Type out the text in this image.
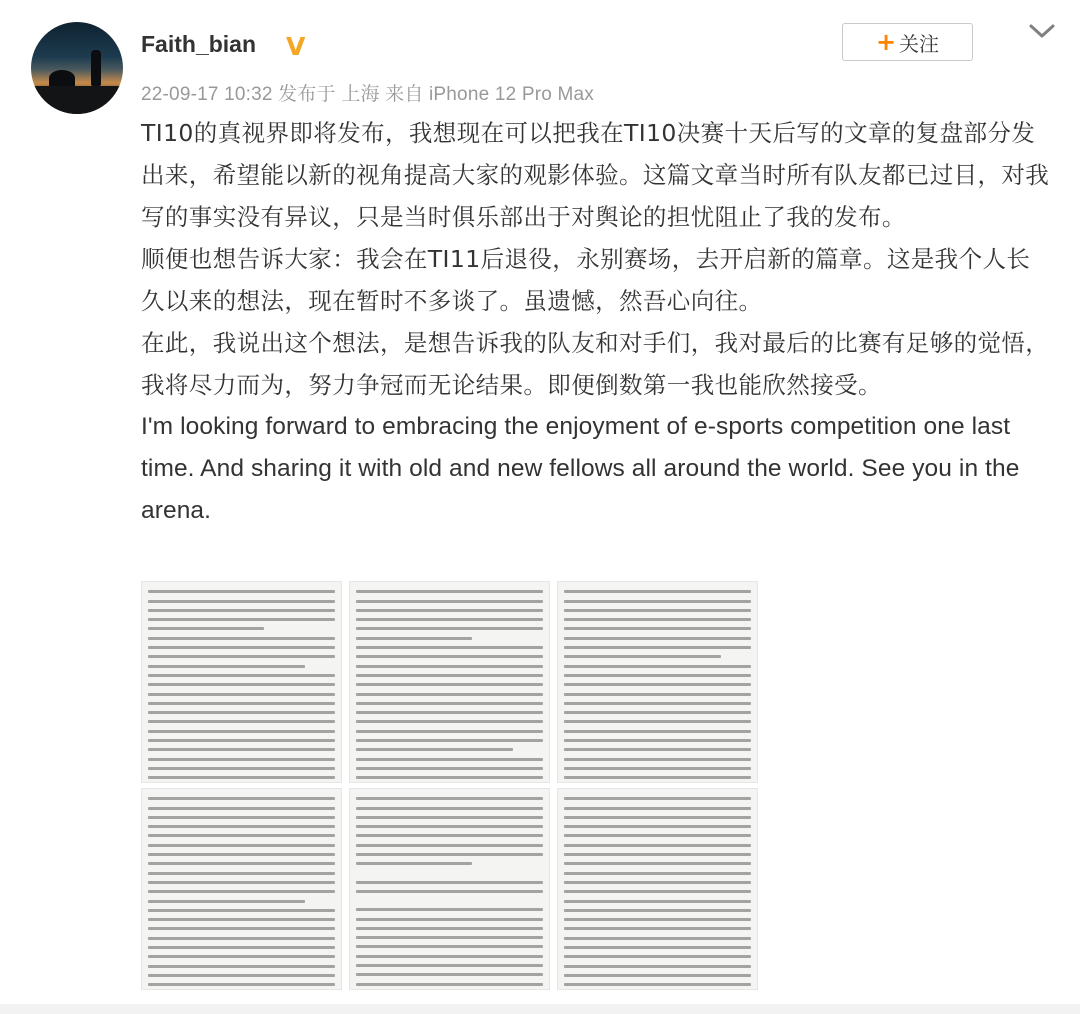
Faith_bian V
22-09-17 10:32 发布于 上海 来自 iPhone 12 Pro Max
+ 关注

TI10的真视界即将发布，我想现在可以把我在TI10决赛十天后写的文章的复盘部分发出来，希望能以新的视角提高大家的观影体验。这篇文章当时所有队友都已过目，对我写的事实没有异议，只是当时俱乐部出于对舆论的担忧阻止了我的发布。

顺便也想告诉大家：我会在TI11后退役，永别赛场，去开启新的篇章。这是我个人长久以来的想法，现在暂时不多谈了。虽遗憾，然吾心向往。

在此，我说出这个想法，是想告诉我的队友和对手们，我对最后的比赛有足够的觉悟，我将尽力而为，努力争冠而无论结果。即便倒数第一我也能欣然接受。

I'm looking forward to embracing the enjoyment of e-sports competition one last time. And sharing it with old and new fellows all around the world. See you in the arena.
